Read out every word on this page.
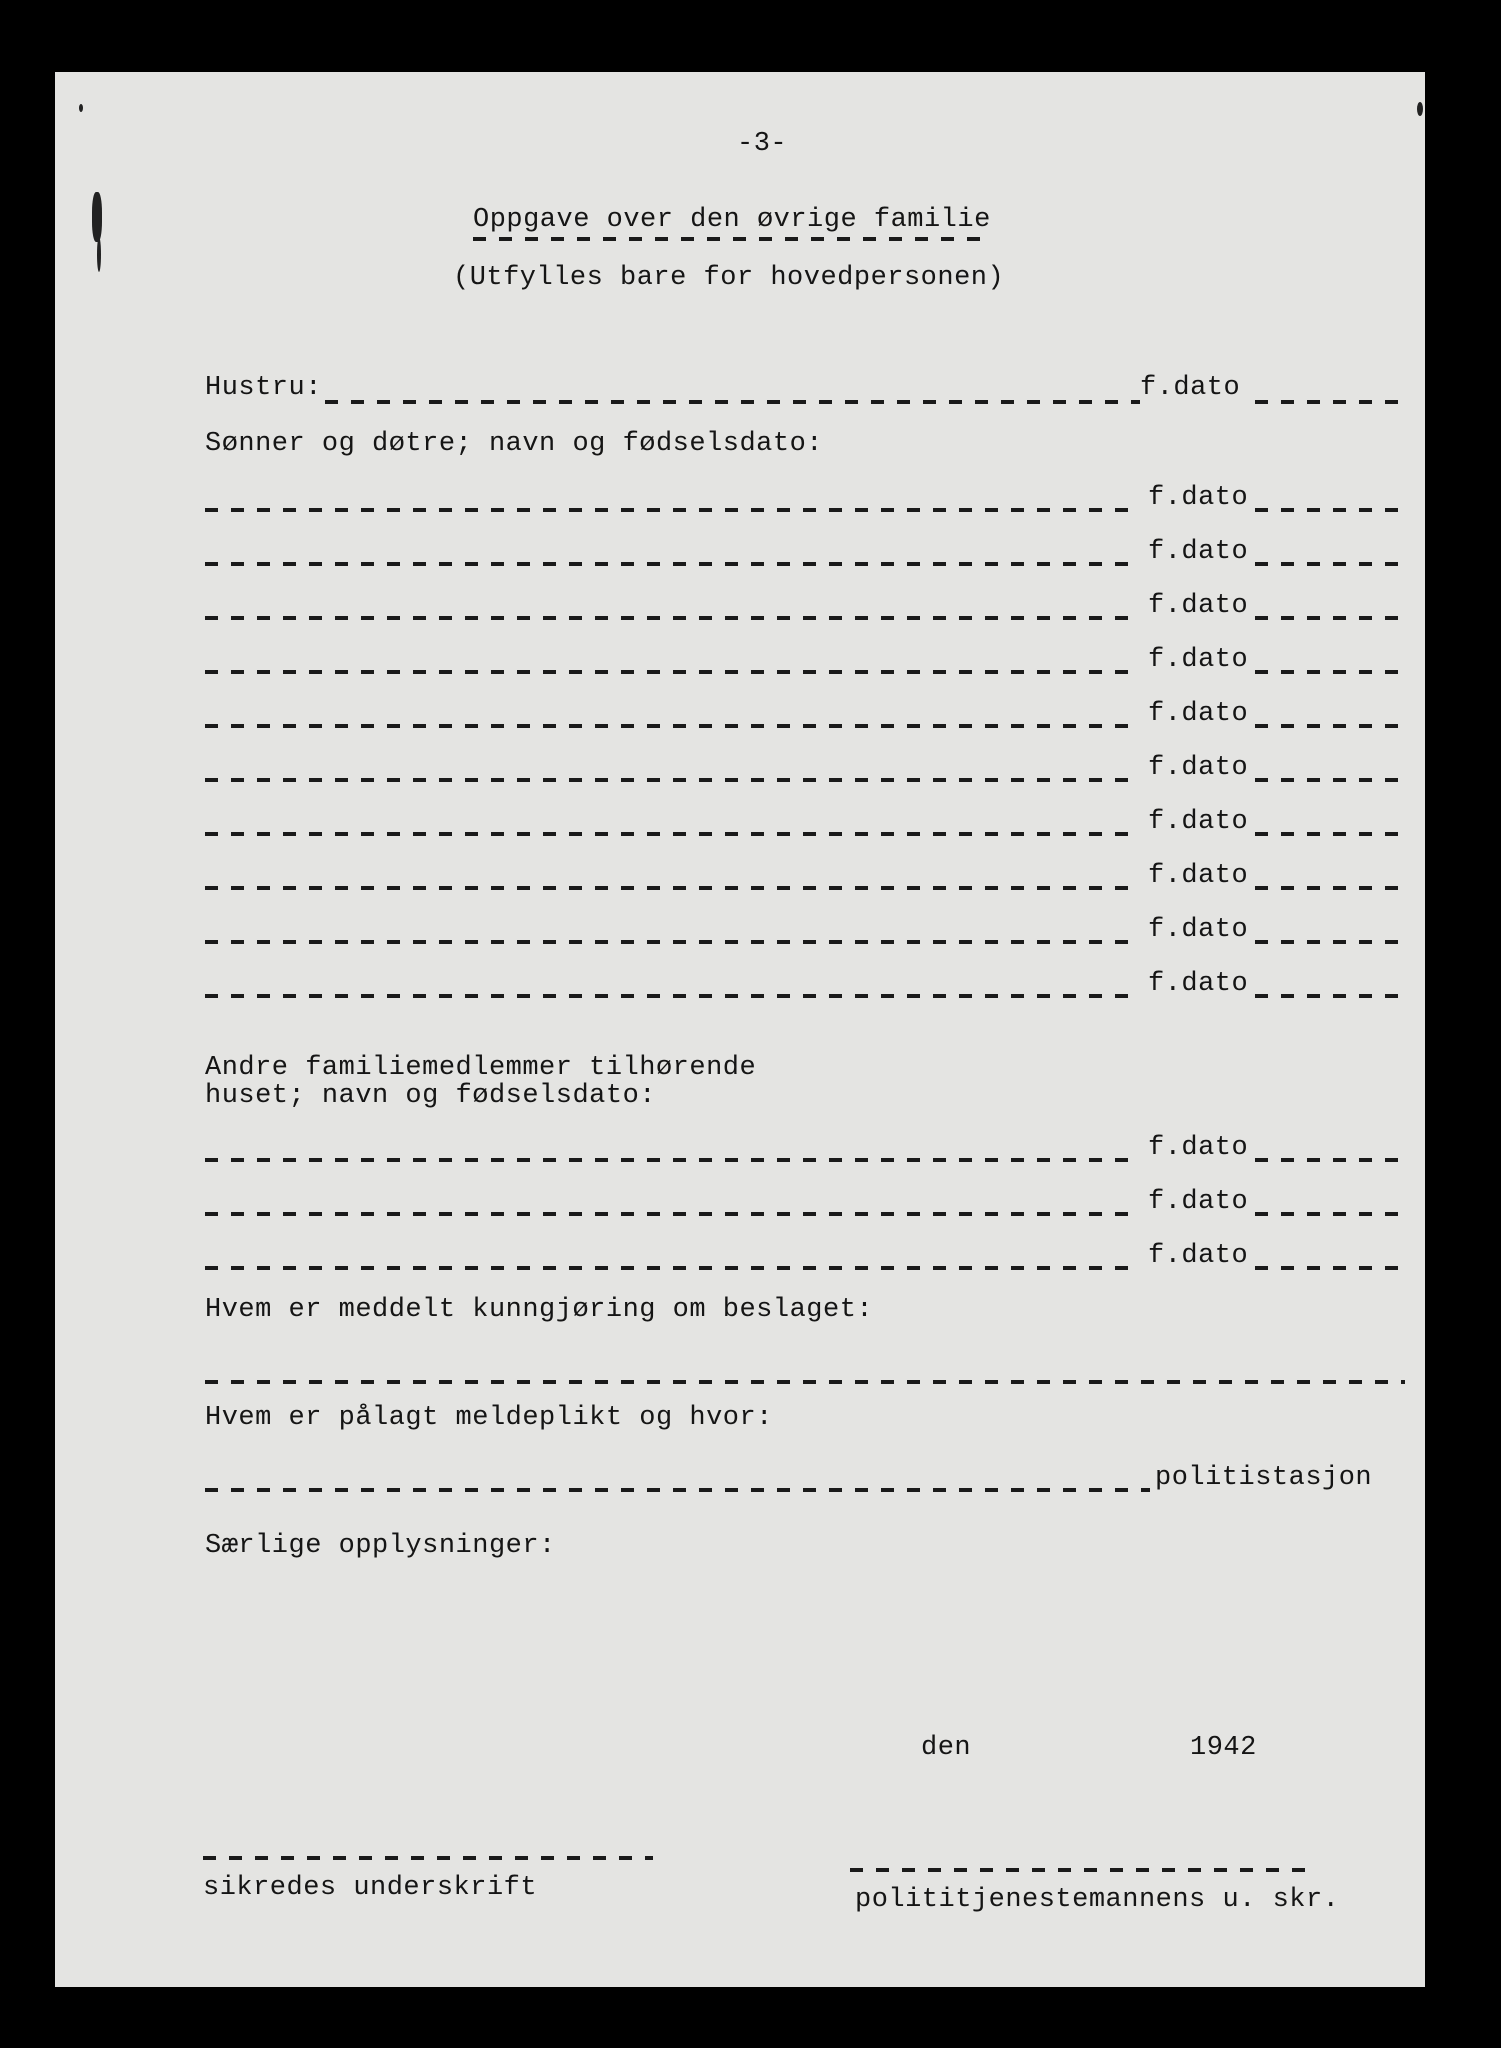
-3-
Oppgave over den øvrige familie
(Utfylles bare for hovedpersonen)
Hustru:	f.dato
Sønner og døtre; navn og fødselsdato:
f.dato
f.dato
f.dato
f.dato
f.dato
f.dato
f.dato
f.dato
f.dato
f.dato
Andre familiemedlemmer tilhørende
huset; navn og fødselsdato:
f.dato
f.dato
f.dato
Hvem er meddelt kunngjøring om beslaget:
Hvem er pålagt meldeplikt og hvor:
politistasjon
Særlige opplysninger:
den	1942
sikredes underskrift	polititjenestemannens u. skr.
